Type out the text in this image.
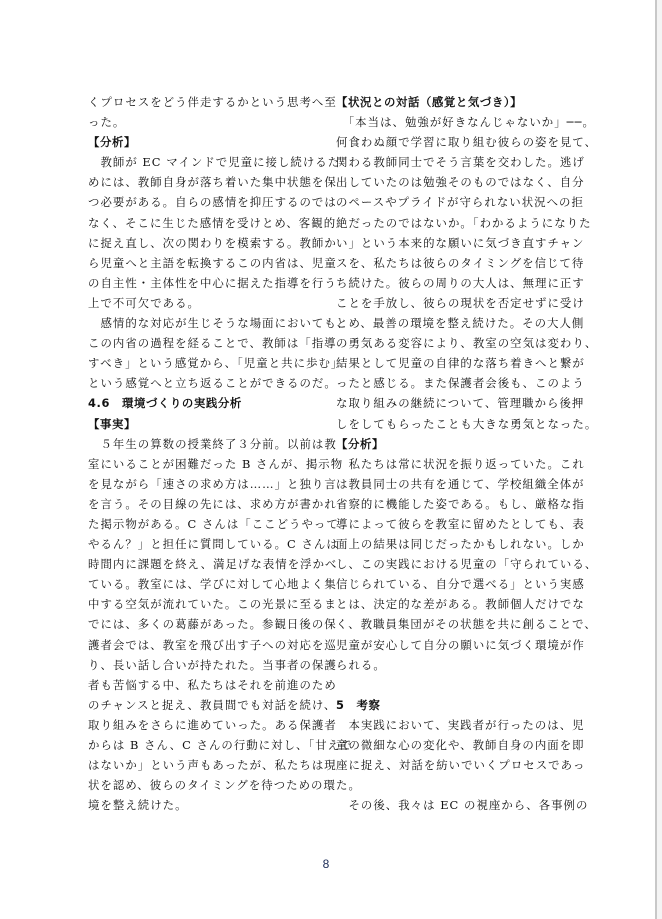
くプロセスをどう伴走するかという思考へ至
った。
【分析】
　教師が EC マインドで児童に接し続けるた
めには、教師自身が落ち着いた集中状態を保
つ必要がある。自らの感情を抑圧するのでは
なく、そこに生じた感情を受けとめ、客観的
に捉え直し、次の関わりを模索する。教師か
ら児童へと主語を転換するこの内省は、児童
の自主性・主体性を中心に据えた指導を行う
上で不可欠である。
　感情的な対応が生じそうな場面においても、
この内省の過程を経ることで、教師は「指導
すべき」という感覚から、「児童と共に歩む」
という感覚へと立ち返ることができるのだ。
4.6　環境づくりの実践分析
【事実】
　５年生の算数の授業終了３分前。以前は教
室にいることが困難だった B さんが、掲示物
を見ながら「速さの求め方は……」と独り言
を言う。その目線の先には、求め方が書かれ
た掲示物がある。C さんは「ここどうやって
やるん？」と担任に質問している。C さんは
時間内に課題を終え、満足げな表情を浮かべ
ている。教室には、学びに対して心地よく集
中する空気が流れていた。この光景に至るま
でには、多くの葛藤があった。参観日後の保
護者会では、教室を飛び出す子への対応を巡
り、長い話し合いが持たれた。当事者の保護
者も苦悩する中、私たちはそれを前進のため
のチャンスと捉え、教員間でも対話を続け、
取り組みをさらに進めていった。ある保護者
からは B さん、C さんの行動に対し、「甘えで
はないか」という声もあったが、私たちは現
状を認め、彼らのタイミングを待つための環
境を整え続けた。
【状況との対話（感覚と気づき）】
　「本当は、勉強が好きなんじゃないか」──。
何食わぬ顔で学習に取り組む彼らの姿を見て、
関わる教師同士でそう言葉を交わした。逃げ
出していたのは勉強そのものではなく、自分
のペースやプライドが守られない状況への拒
絶だったのではないか。「わかるようになりた
い」という本来的な願いに気づき直すチャン
スを、私たちは彼らのタイミングを信じて待
ち続けた。彼らの周りの大人は、無理に正す
ことを手放し、彼らの現状を否定せずに受け
とめ、最善の環境を整え続けた。その大人側
の勇気ある変容により、教室の空気は変わり、
結果として児童の自律的な落ち着きへと繋が
ったと感じる。また保護者会後も、このよう
な取り組みの継続について、管理職から後押
しをしてもらったことも大きな勇気となった。
【分析】
　私たちは常に状況を振り返っていた。これ
は教員同士の共有を通じて、学校組織全体が
省察的に機能した姿である。もし、厳格な指
導によって彼らを教室に留めたとしても、表
面上の結果は同じだったかもしれない。しか
し、この実践における児童の「守られている、
信じられている、自分で選べる」という実感
とは、決定的な差がある。教師個人だけでな
く、教職員集団がその状態を共に創ることで、
児童が安心して自分の願いに気づく環境が作
られる。
5　考察
　本実践において、実践者が行ったのは、児
童の微細な心の変化や、教師自身の内面を即
座に捉え、対話を紡いでいくプロセスであっ
た。
　その後、我々は EC の視座から、各事例の
8
